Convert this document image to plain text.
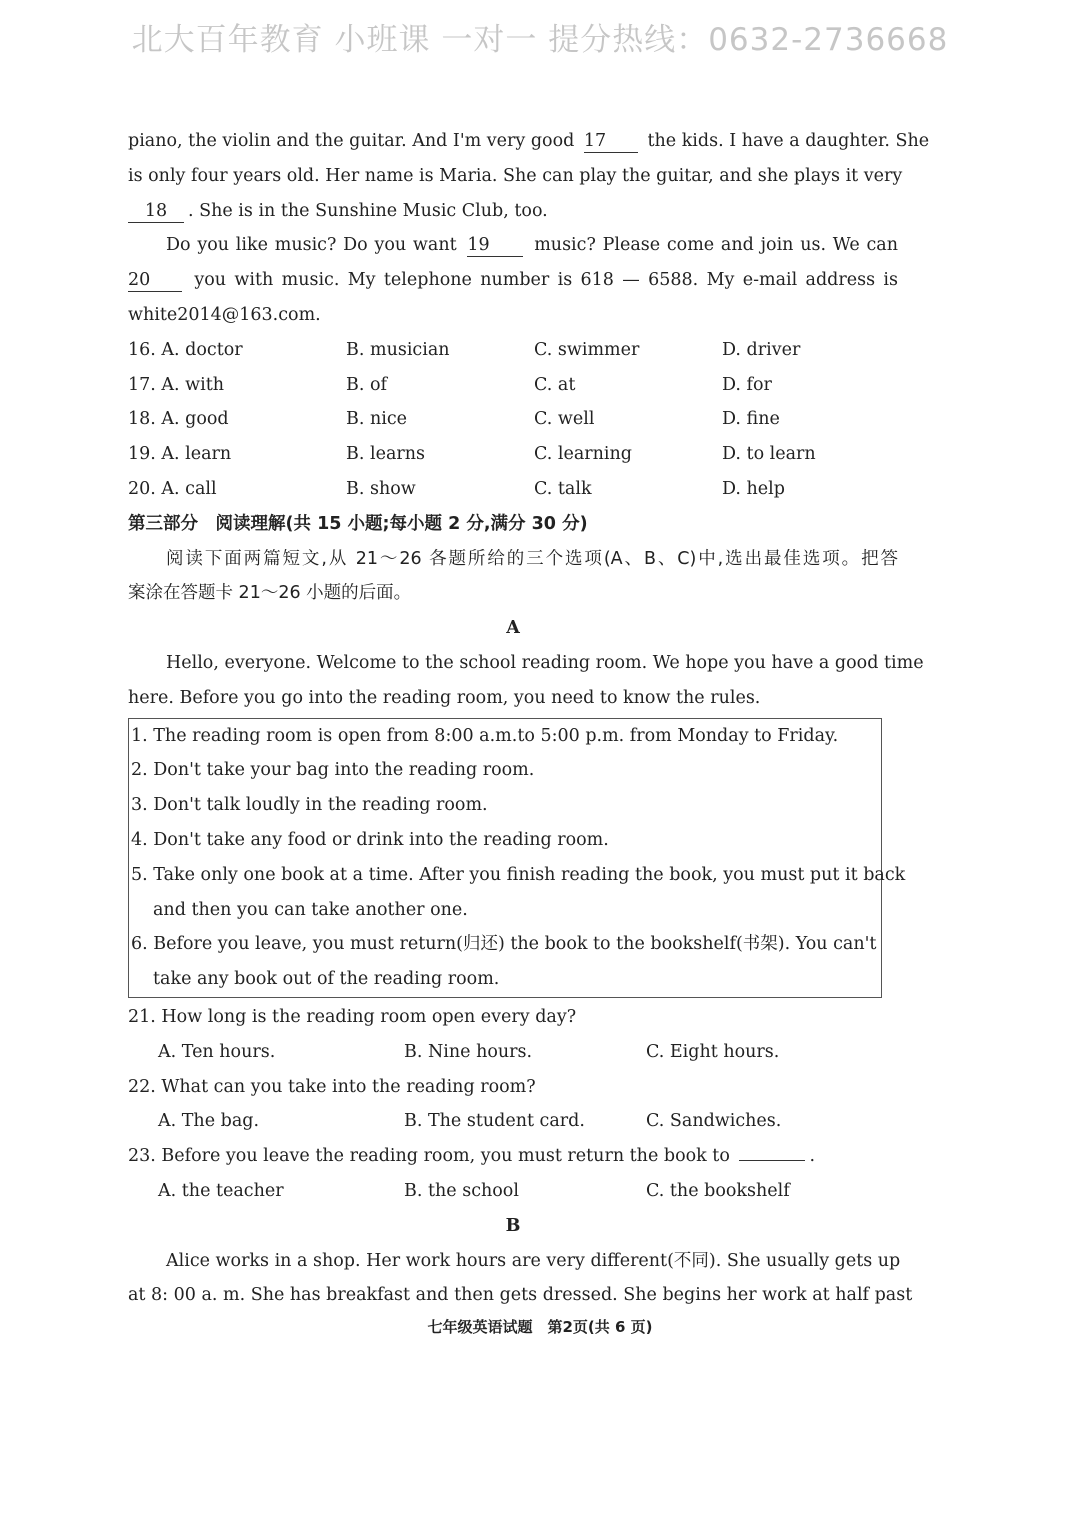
北大百年教育 小班课 一对一 提分热线：0632-2736668
piano, the violin and the guitar. And I'm very good 17 the kids. I have a daughter. She
is only four years old. Her name is Maria. She can play the guitar, and she plays it very
18 . She is in the Sunshine Music Club, too.
Do you like music? Do you want 19	music? Please come and join us. We can
20	you with music. My telephone number is 618 — 6588. My e-mail address is
white2014@163.com.
16. A. doctor	B. musician	C. swimmer	D. driver
17. A. with	B. of	C. at	D. for
18. A. good	B. nice	C. well	D. fine
19. A. learn	B. learns	C. learning	D. to learn
20. A. call	B. show	C. talk	D. help
第三部分　阅读理解(共 15 小题;每小题 2 分,满分 30 分)
阅读下面两篇短文,从 21～26 各题所给的三个选项(A、B、C)中,选出最佳选项。把答
案涂在答题卡 21～26 小题的后面。
A
Hello, everyone. Welcome to the school reading room. We hope you have a good time
here. Before you go into the reading room, you need to know the rules.
1. The reading room is open from 8:00 a.m.to 5:00 p.m. from Monday to Friday.
2. Don't take your bag into the reading room.
3. Don't talk loudly in the reading room.
4. Don't take any food or drink into the reading room.
5. Take only one book at a time. After you finish reading the book, you must put it back
and then you can take another one.
6. Before you leave, you must return(归还) the book to the bookshelf(书架). You can't
take any book out of the reading room.
21. How long is the reading room open every day?
A. Ten hours.	B. Nine hours.	C. Eight hours.
22. What can you take into the reading room?
A. The bag.	B. The student card.	C. Sandwiches.
23. Before you leave the reading room, you must return the book to	.
A. the teacher	B. the school	C. the bookshelf
B
Alice works in a shop. Her work hours are very different(不同). She usually gets up
at 8: 00 a. m. She has breakfast and then gets dressed. She begins her work at half past
七年级英语试题　第2页(共 6 页)
